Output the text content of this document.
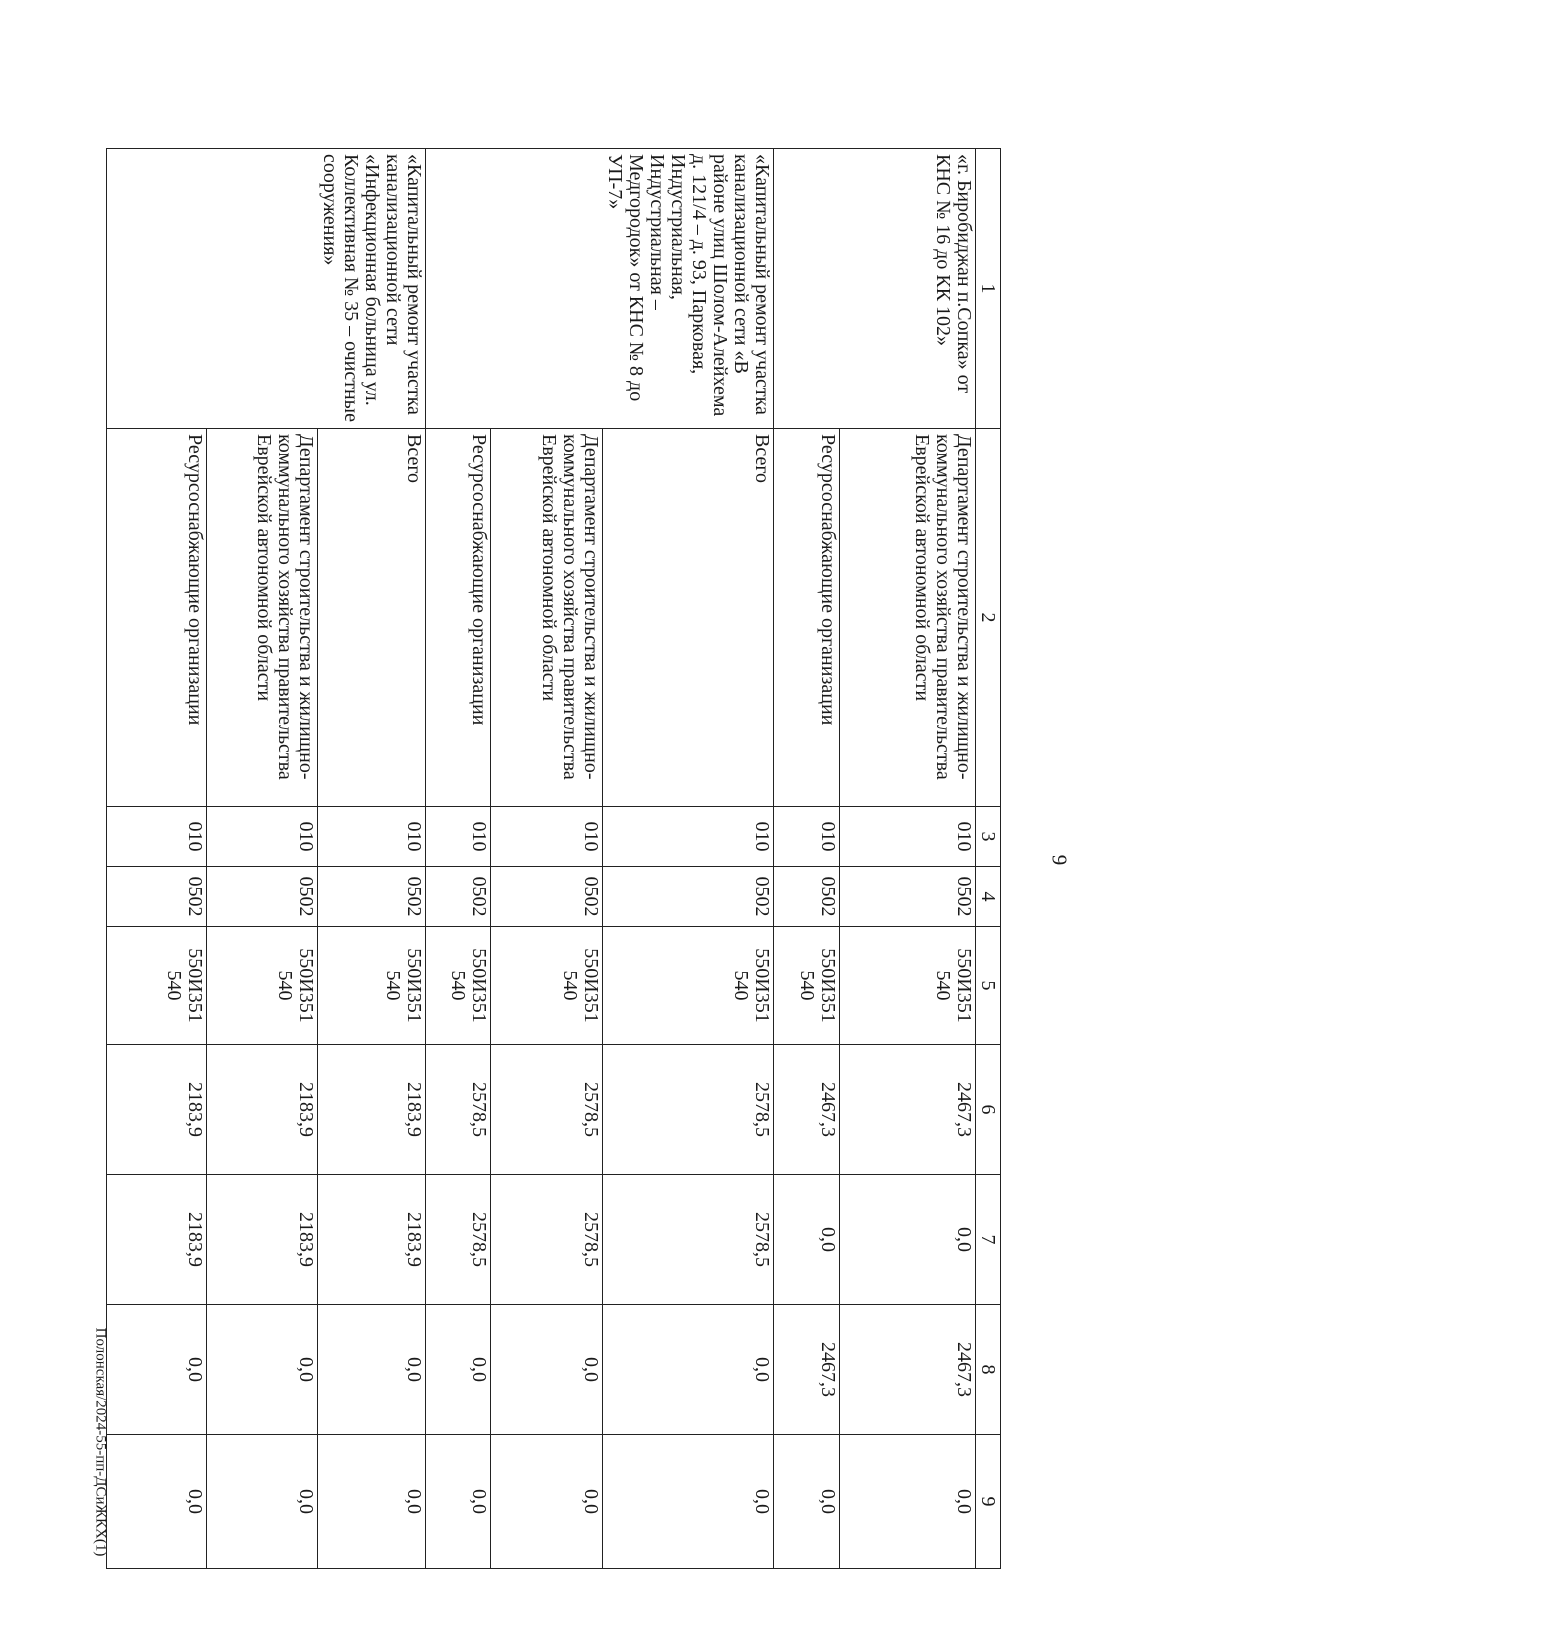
9
Полонская/2024-55-пп-ДСиЖКХ(1)
1	2	3	4	5	6	7	8	9
«г. Биробиджан п.Сопка» от КНС № 16 до КК 102»	Департамент строительства и жилищно-коммунального хозяйства правительства Еврейской автономной области	010	0502	550И351 540	2467,3	0,0	2467,3	0,0
	Ресурсоснабжающие организации	010	0502	550И351 540	2467,3	0,0	2467,3	0,0
«Капитальный ремонт участка канализационной сети «В районе улиц Шолом-Алейхема д. 121/4 – д. 93, Парковая, Индустриальная, Индустриальная – Медгородок» от КНС № 8 до УП-7»	Всего	010	0502	550И351 540	2578,5	2578,5	0,0	0,0
	Департамент строительства и жилищно-коммунального хозяйства правительства Еврейской автономной области	010	0502	550И351 540	2578,5	2578,5	0,0	0,0
	Ресурсоснабжающие организации	010	0502	550И351 540	2578,5	2578,5	0,0	0,0
«Капитальный ремонт участка канализационной сети «Инфекционная больница ул. Коллективная № 35 – очистные сооружения»	Всего	010	0502	550И351 540	2183,9	2183,9	0,0	0,0
	Департамент строительства и жилищно-коммунального хозяйства правительства Еврейской автономной области	010	0502	550И351 540	2183,9	2183,9	0,0	0,0
	Ресурсоснабжающие организации	010	0502	550И351 540	2183,9	2183,9	0,0	0,0
